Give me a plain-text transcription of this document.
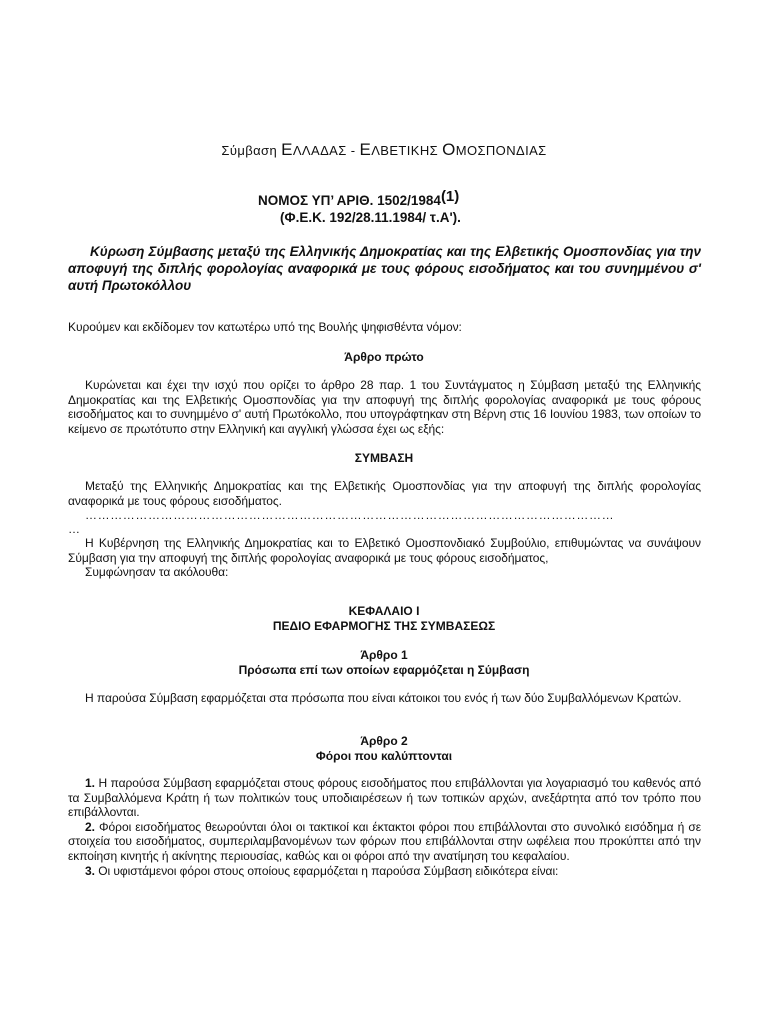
Σύμβαση ΕΛΛΑΔΑΣ - ΕΛΒΕΤΙΚΗΣ ΟΜΟΣΠΟΝΔΙΑΣ
ΝΟΜΟΣ ΥΠ’ ΑΡΙΘ. 1502/1984$^{(1)}$
(Φ.Ε.Κ. 192/28.11.1984/ τ.Α').

Κύρωση Σύμβασης μεταξύ της Ελληνικής Δημοκρατίας και της Ελβετικής Ομοσπονδίας για την αποφυγή της διπλής φορολογίας αναφορικά με τους φόρους εισοδήματος και του συνημμένου σ' αυτή Πρωτοκόλλου

Κυρούμεν και εκδίδομεν τον κατωτέρω υπό της Βουλής ψηφισθέντα νόμον:

Άρθρο πρώτο

Κυρώνεται και έχει την ισχύ που ορίζει το άρθρο 28 παρ. 1 του Συντάγματος η Σύμβαση μεταξύ της Ελληνικής Δημοκρατίας και της Ελβετικής Ομοσπονδίας για την αποφυγή της διπλής φορολογίας αναφορικά με τους φόρους εισοδήματος και το συνημμένο σ' αυτή Πρωτόκολλο, που υπογράφτηκαν στη Βέρνη στις 16 Ιουνίου 1983, των οποίων το κείμενο σε πρωτότυπο στην Ελληνική και αγγλική γλώσσα έχει ως εξής:

ΣΥΜΒΑΣΗ

Μεταξύ της Ελληνικής Δημοκρατίας και της Ελβετικής Ομοσπονδίας για την αποφυγή της διπλής φορολογίας αναφορικά με τους φόρους εισοδήματος.

………………………………………………………………………………………………………………
…

Η Κυβέρνηση της Ελληνικής Δημοκρατίας και το Ελβετικό Ομοσπονδιακό Συμβούλιο, επιθυμώντας να συνάψουν Σύμβαση για την αποφυγή της διπλής φορολογίας αναφορικά με τους φόρους εισοδήματος,

Συμφώνησαν τα ακόλουθα:

ΚΕΦΑΛΑΙΟ Ι
ΠΕΔΙΟ ΕΦΑΡΜΟΓΗΣ ΤΗΣ ΣΥΜΒΑΣΕΩΣ
Άρθρο 1
Πρόσωπα επί των οποίων εφαρμόζεται η Σύμβαση

Η παρούσα Σύμβαση εφαρμόζεται στα πρόσωπα που είναι κάτοικοι του ενός ή των δύο Συμβαλλόμενων Κρατών.

Άρθρο 2
Φόροι που καλύπτονται

1. Η παρούσα Σύμβαση εφαρμόζεται στους φόρους εισοδήματος που επιβάλλονται για λογαριασμό του καθενός από τα Συμβαλλόμενα Κράτη ή των πολιτικών τους υποδιαιρέσεων ή των τοπικών αρχών, ανεξάρτητα από τον τρόπο που επιβάλλονται.

2. Φόροι εισοδήματος θεωρούνται όλοι οι τακτικοί και έκτακτοι φόροι που επιβάλλονται στο συνολικό εισόδημα ή σε στοιχεία του εισοδήματος, συμπεριλαμβανομένων των φόρων που επιβάλλονται στην ωφέλεια που προκύπτει από την εκποίηση κινητής ή ακίνητης περιουσίας, καθώς και οι φόροι από την ανατίμηση του κεφαλαίου.

3. Οι υφιστάμενοι φόροι στους οποίους εφαρμόζεται η παρούσα Σύμβαση ειδικότερα είναι:
